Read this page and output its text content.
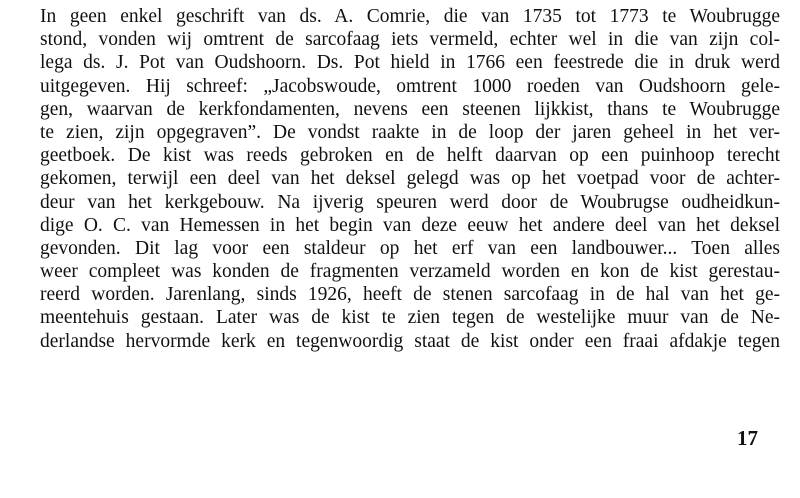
In geen enkel geschrift van ds. A. Comrie, die van 1735 tot 1773 te Woubrugge
stond, vonden wij omtrent de sarcofaag iets vermeld, echter wel in die van zijn col-
lega ds. J. Pot van Oudshoorn. Ds. Pot hield in 1766 een feestrede die in druk werd
uitgegeven. Hij schreef: „Jacobswoude, omtrent 1000 roeden van Oudshoorn gele-
gen, waarvan de kerkfondamenten, nevens een steenen lijkkist, thans te Woubrugge
te zien, zijn opgegraven”. De vondst raakte in de loop der jaren geheel in het ver-
geetboek. De kist was reeds gebroken en de helft daarvan op een puinhoop terecht
gekomen, terwijl een deel van het deksel gelegd was op het voetpad voor de achter-
deur van het kerkgebouw. Na ijverig speuren werd door de Woubrugse oudheidkun-
dige O. C. van Hemessen in het begin van deze eeuw het andere deel van het deksel
gevonden. Dit lag voor een staldeur op het erf van een landbouwer... Toen alles
weer compleet was konden de fragmenten verzameld worden en kon de kist gerestau-
reerd worden. Jarenlang, sinds 1926, heeft de stenen sarcofaag in de hal van het ge-
meentehuis gestaan. Later was de kist te zien tegen de westelijke muur van de Ne-
derlandse hervormde kerk en tegenwoordig staat de kist onder een fraai afdakje tegen
17
